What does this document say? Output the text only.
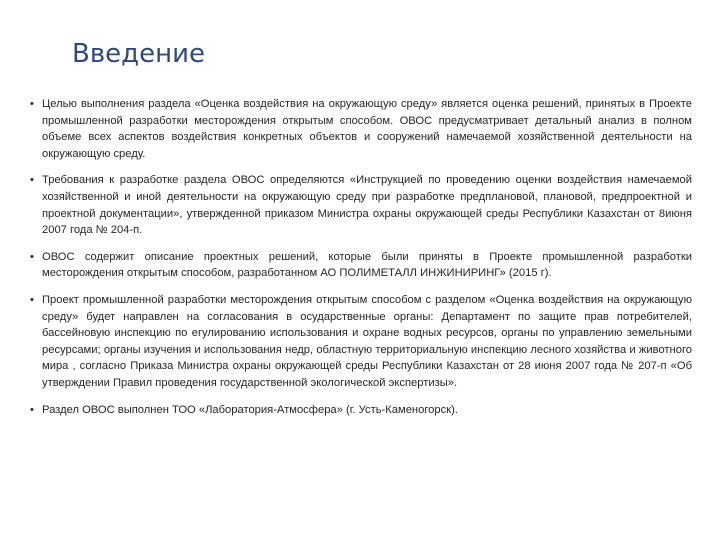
Введение
•
Целью выполнения раздела «Оценка воздействия на окружающую среду» является оценка решений, принятых в Проекте промышленной разработки месторождения открытым способом. ОВОС предусматривает детальный анализ в полном объеме всех аспектов воздействия конкретных объектов и сооружений намечаемой хозяйственной деятельности на окружающую среду.
•
Требования к разработке раздела ОВОС определяются «Инструкцией по проведению оценки воздействия намечаемой хозяйственной и иной деятельности на окружающую среду при разработке предплановой, плановой, предпроектной и проектной документации», утвержденной приказом Министра охраны окружающей среды Республики Казахстан от 8июня 2007 года № 204-п.
•
ОВОС содержит описание проектных решений, которые были приняты в Проекте промышленной разработки месторождения открытым способом, разработанном АО ПОЛИМЕТАЛЛ ИНЖИНИРИНГ» (2015 г).
•
Проект промышленной разработки месторождения открытым способом с разделом «Оценка воздействия на окружающую среду» будет направлен на согласования в осударственные органы: Департамент по защите прав потребителей, бассейновую инспекцию по егулированию использования и охране водных ресурсов, органы по управлению земельными ресурсами; органы изучения и использования недр, областную территориальную инспекцию лесного хозяйства и животного мира , согласно Приказа Министра охраны окружающей среды Республики Казахстан от 28 июня 2007 года № 207-п «Об утверждении Правил проведения государственной экологической экспертизы».
•
Раздел ОВОС выполнен ТОО «Лаборатория-Атмосфера» (г. Усть-Каменогорск).
